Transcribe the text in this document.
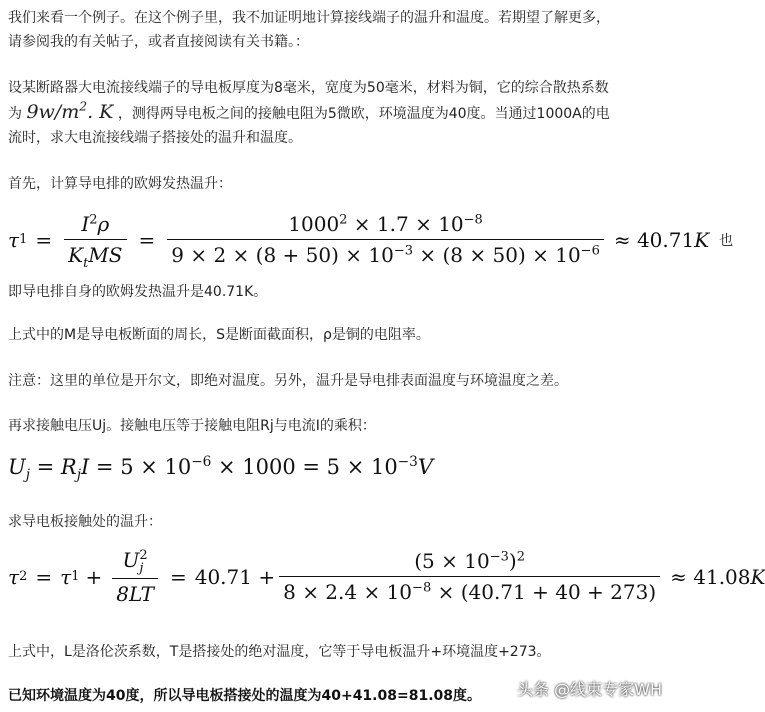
我们来看一个例子。在这个例子里，我不加证明地计算接线端子的温升和温度。若期望了解更多，
请参阅我的有关帖子，或者直接阅读有关书籍。：

设某断路器大电流接线端子的导电板厚度为8毫米，宽度为50毫米，材料为铜，它的综合散热系数
为 $9w/m^2$. K ，测得两导电板之间的接触电阻为5微欧，环境温度为40度。当通过1000A的电
流时，求大电流接线端子搭接处的温升和温度。

首先，计算导电排的欧姆发热温升：

τ $1 = \frac{I^2\rho}{K_tMS} = \frac{1000^2 \times 1.7 \times 10^{-8}}{9 \times 2 \times (8 + 50) \times 10^{-3} \times (8 \times 50) \times 10^{-6}} \approx 40.71$ K 也

即导电排自身的欧姆发热温升是40.71K。

上式中的M是导电板断面的周长，S是断面截面积，ρ是铜的电阻率。

注意：这里的单位是开尔文，即绝对温度。另外，温升是导电排表面温度与环境温度之差。

再求接触电压Uj。接触电压等于接触电阻Rj与电流I的乘积：

$U_j = R_jI = 5 \times 10^{-6} \times 1000 = 5 \times 10^{-3}V$

求导电板接触处的温升：

τ 2 = τ 1 + U 2
j
$8LT = 40.71 + \frac{(5 \times 10^{-3})^2}{8 \times 2.4 \times 10^{-8} \times (40.71 + 40 + 273)} \approx 41.08$ K

上式中，L是洛伦茨系数，T是搭接处的绝对温度，它等于导电板温升+环境温度+273。

已知环境温度为40度，所以导电板搭接处的温度为40+41.08=81.08度。 头条 @线束专家WH
